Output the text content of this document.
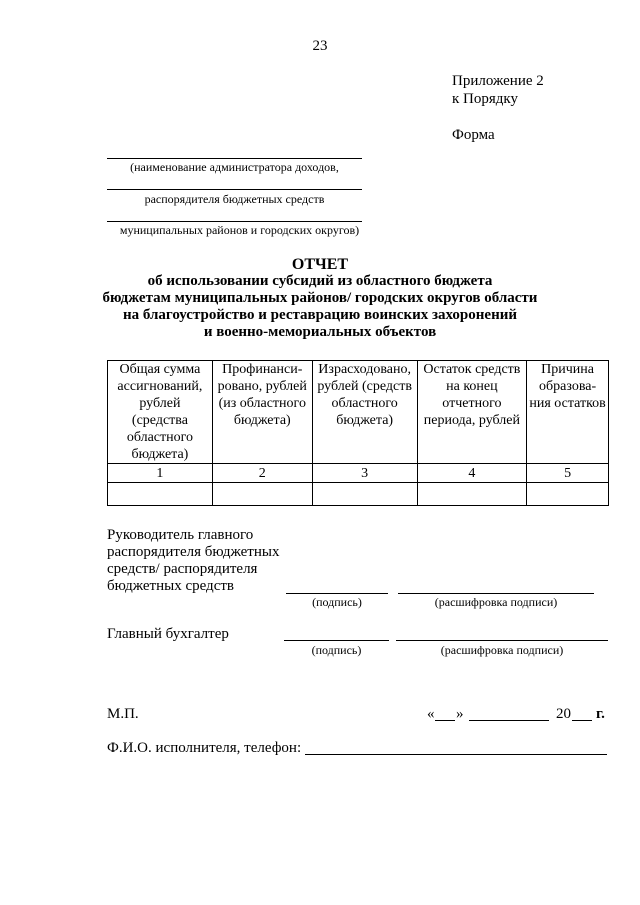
23
Приложение 2
к Порядку
Форма
(наименование администратора доходов,
распорядителя бюджетных средств
муниципальных районов и городских округов)
ОТЧЕТ
об использовании субсидий из областного бюджета
бюджетам муниципальных районов/ городских округов области
на благоустройство и реставрацию воинских захоронений
и военно-мемориальных объектов
Общая сумма ассигнований, рублей (средства областного бюджета)	Профинанси-рованo, рублей (из областного бюджета)	Израсходовано, рублей (средств областного бюджета)	Остаток средств на конец отчетного периода, рублей	Причина образова-ния остатков
1	2	3	4	5

Руководитель главного
распорядителя бюджетных
средств/ распорядителя
бюджетных средств
(подпись)	(расшифровка подписи)
Главный бухгалтер
(подпись)	(расшифровка подписи)
М.П.	« »	20 г.
Ф.И.О. исполнителя, телефон:
